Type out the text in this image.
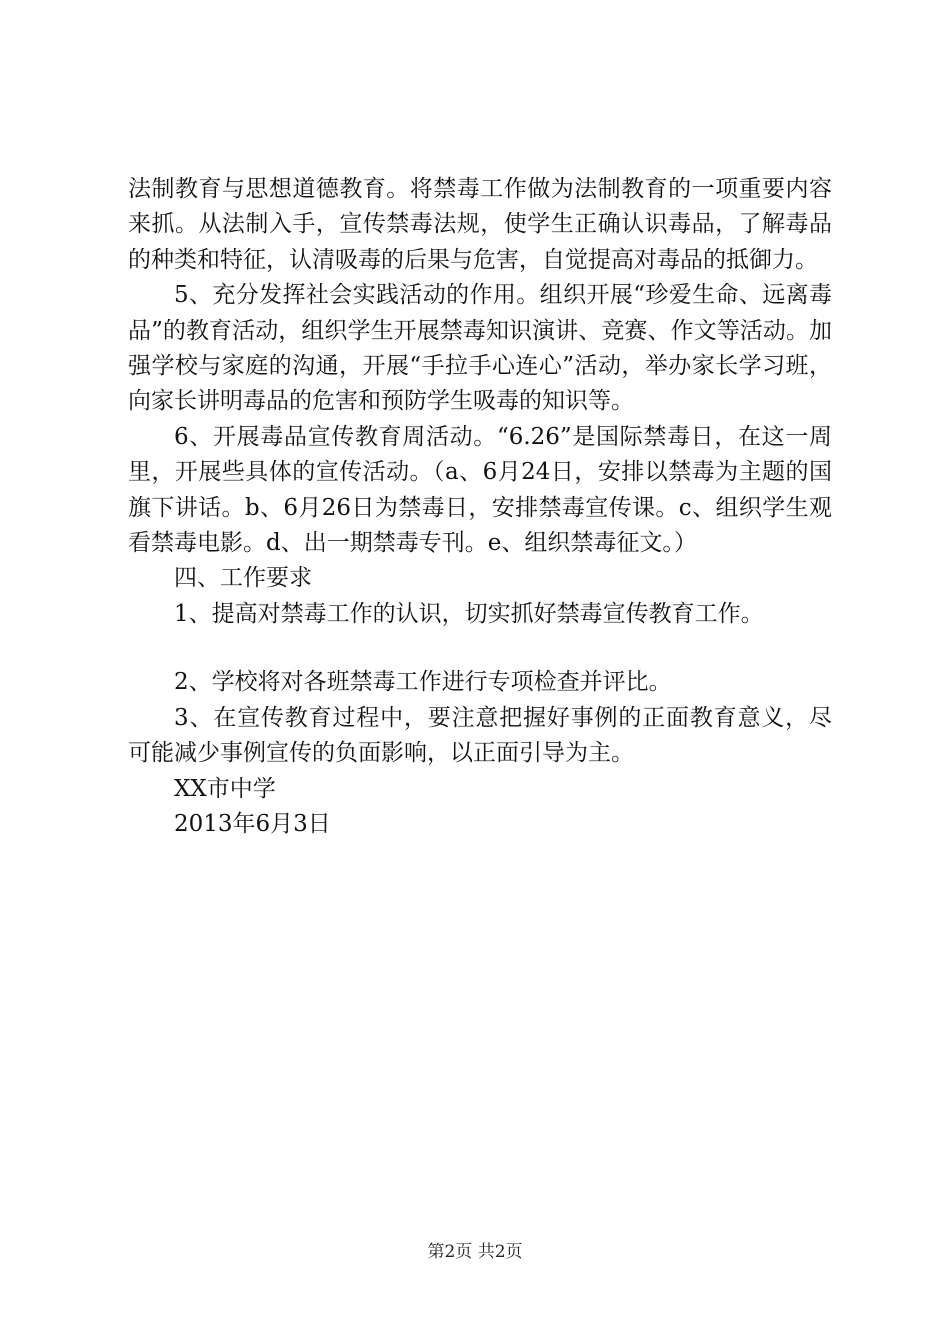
法制教育与思想道德教育。将禁毒工作做为法制教育的一项重要内容来抓。从法制入手，宣传禁毒法规，使学生正确认识毒品，了解毒品的种类和特征，认清吸毒的后果与危害，自觉提高对毒品的抵御力。

5、充分发挥社会实践活动的作用。组织开展“珍爱生命、远离毒品”的教育活动，组织学生开展禁毒知识演讲、竞赛、作文等活动。加强学校与家庭的沟通，开展“手拉手心连心”活动，举办家长学习班，向家长讲明毒品的危害和预防学生吸毒的知识等。

6、开展毒品宣传教育周活动。“6.26”是国际禁毒日，在这一周里，开展些具体的宣传活动。（a、6月24日，安排以禁毒为主题的国旗下讲话。b、6月26日为禁毒日，安排禁毒宣传课。c、组织学生观看禁毒电影。d、出一期禁毒专刊。e、组织禁毒征文。）

四、工作要求

1、提高对禁毒工作的认识，切实抓好禁毒宣传教育工作。

2、学校将对各班禁毒工作进行专项检查并评比。

3、在宣传教育过程中，要注意把握好事例的正面教育意义，尽可能减少事例宣传的负面影响，以正面引导为主。

XX市中学

2013年6月3日

第2页 共2页
